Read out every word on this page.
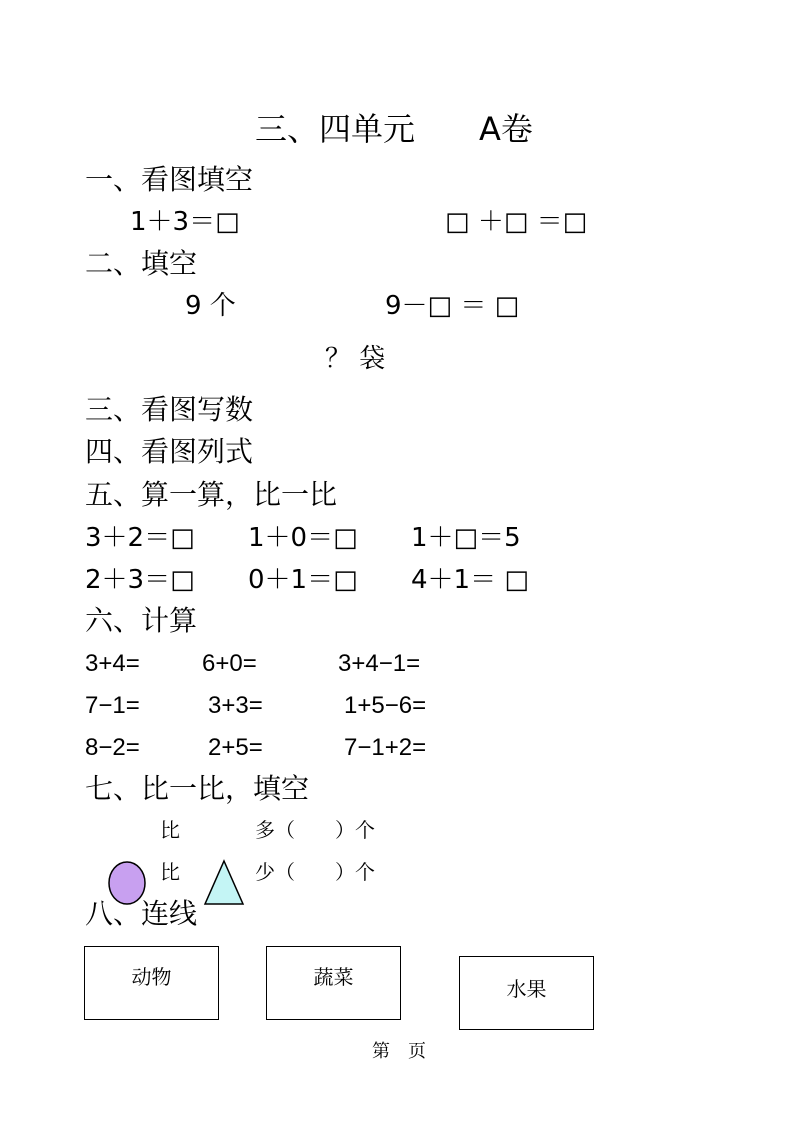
三、四单元　　A卷
一、看图填空
1＋3＝□	□ ＋□ ＝□
二、填空
9 个	9－□ ＝ □
？ 袋
三、看图写数
四、看图列式
五、算一算，比一比
3＋2＝□ 1＋0＝□ 1＋□＝5
2＋3＝□ 0＋1＝□ 4＋1＝ □
六、计算
3+4=	6+0=	3+4−1=
7−1=	3+3=	1+5−6=
8−2=	2+5=	7−1+2=
七、比一比，填空
比	多（　　）个
比	少（　　）个
八、连线
动物	蔬菜	水果
第　页
